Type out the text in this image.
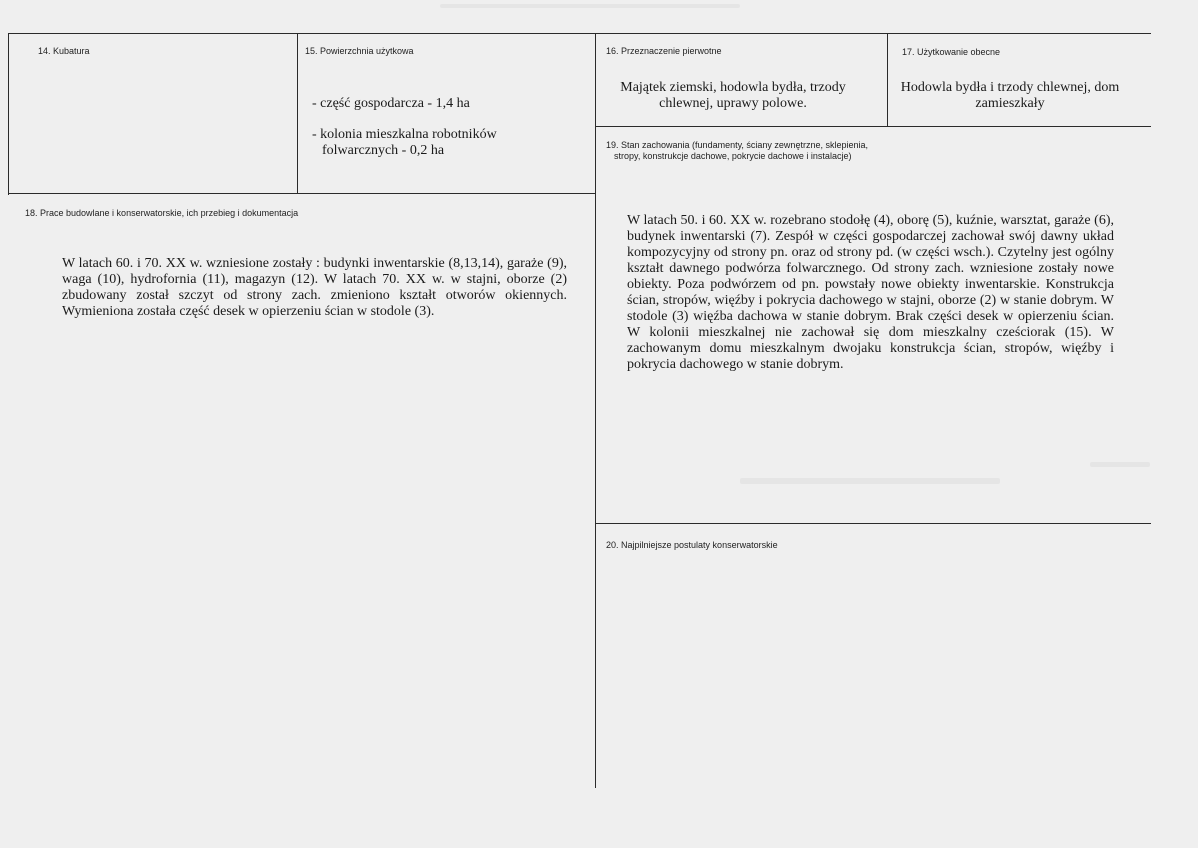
14. Kubatura	15. Powierzchnia użytkowa
- część gospodarcza - 1,4 ha
- kolonia mieszkalna robotników folwarcznych - 0,2 ha
16. Przeznaczenie pierwotne
Majątek ziemski, hodowla bydła, trzody chlewnej, uprawy polowe.
17. Użytkowanie obecne
Hodowla bydła i trzody chlewnej, dom zamieszkały
18. Prace budowlane i konserwatorskie, ich przebieg i dokumentacja
W latach 60. i 70. XX w. wzniesione zostały : budynki inwentarskie (8,13,14), garaże (9), waga (10), hydrofornia (11), magazyn (12). W latach 70. XX w. w stajni, oborze (2) zbudowany został szczyt od strony zach. zmieniono kształt otworów okiennych. Wymieniona została część desek w opierzeniu ścian w stodole (3).
19. Stan zachowania (fundamenty, ściany zewnętrzne, sklepienia,
stropy, konstrukcje dachowe, pokrycie dachowe i instalacje)
W latach 50. i 60. XX w. rozebrano stodołę (4), oborę (5), kuźnie, warsztat, garaże (6), budynek inwentarski (7). Zespół w części gospodarczej zachował swój dawny układ kompozycyjny od strony pn. oraz od strony pd. (w części wsch.). Czytelny jest ogólny kształt dawnego podwórza folwarcznego. Od strony zach. wzniesione zostały nowe obiekty. Poza podwórzem od pn. powstały nowe obiekty inwentarskie. Konstrukcja ścian, stropów, więźby i pokrycia dachowego w stajni, oborze (2) w stanie dobrym. W stodole (3) więźba dachowa w stanie dobrym. Brak części desek w opierzeniu ścian. W kolonii mieszkalnej nie zachował się dom mieszkalny cześciorak (15). W zachowanym domu mieszkalnym dwojaku konstrukcja ścian, stropów, więźby i pokrycia dachowego w stanie dobrym.
20. Najpilniejsze postulaty konserwatorskie
